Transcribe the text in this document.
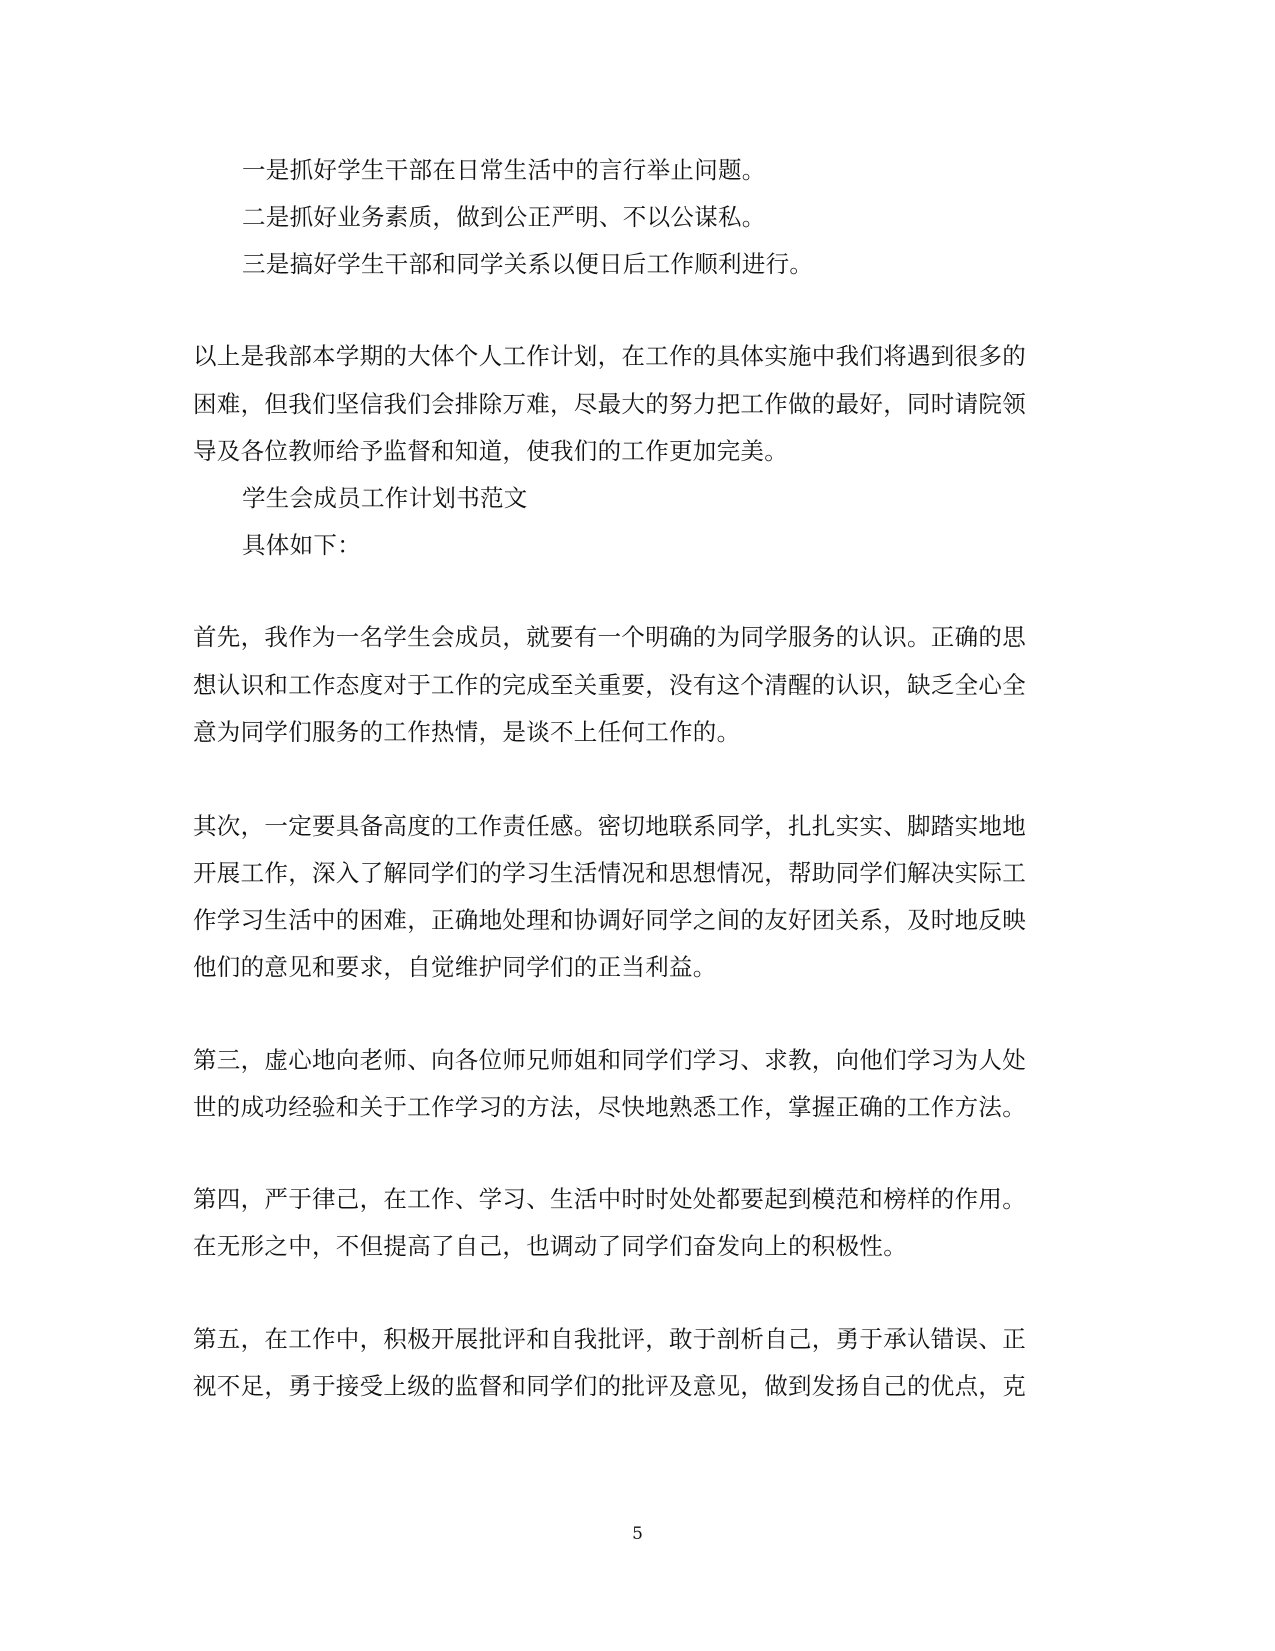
一是抓好学生干部在日常生活中的言行举止问题。

二是抓好业务素质，做到公正严明、不以公谋私。

三是搞好学生干部和同学关系以便日后工作顺利进行。

以上是我部本学期的大体个人工作计划，在工作的具体实施中我们将遇到很多的

困难，但我们坚信我们会排除万难，尽最大的努力把工作做的最好，同时请院领

导及各位教师给予监督和知道，使我们的工作更加完美。

学生会成员工作计划书范文

具体如下：

首先，我作为一名学生会成员，就要有一个明确的为同学服务的认识。正确的思

想认识和工作态度对于工作的完成至关重要，没有这个清醒的认识，缺乏全心全

意为同学们服务的工作热情，是谈不上任何工作的。

其次，一定要具备高度的工作责任感。密切地联系同学，扎扎实实、脚踏实地地

开展工作，深入了解同学们的学习生活情况和思想情况，帮助同学们解决实际工

作学习生活中的困难，正确地处理和协调好同学之间的友好团关系，及时地反映

他们的意见和要求，自觉维护同学们的正当利益。

第三，虚心地向老师、向各位师兄师姐和同学们学习、求教，向他们学习为人处

世的成功经验和关于工作学习的方法，尽快地熟悉工作，掌握正确的工作方法。

第四，严于律己，在工作、学习、生活中时时处处都要起到模范和榜样的作用。

在无形之中，不但提高了自己，也调动了同学们奋发向上的积极性。

第五，在工作中，积极开展批评和自我批评，敢于剖析自己，勇于承认错误、正

视不足，勇于接受上级的监督和同学们的批评及意见，做到发扬自己的优点，克

5
